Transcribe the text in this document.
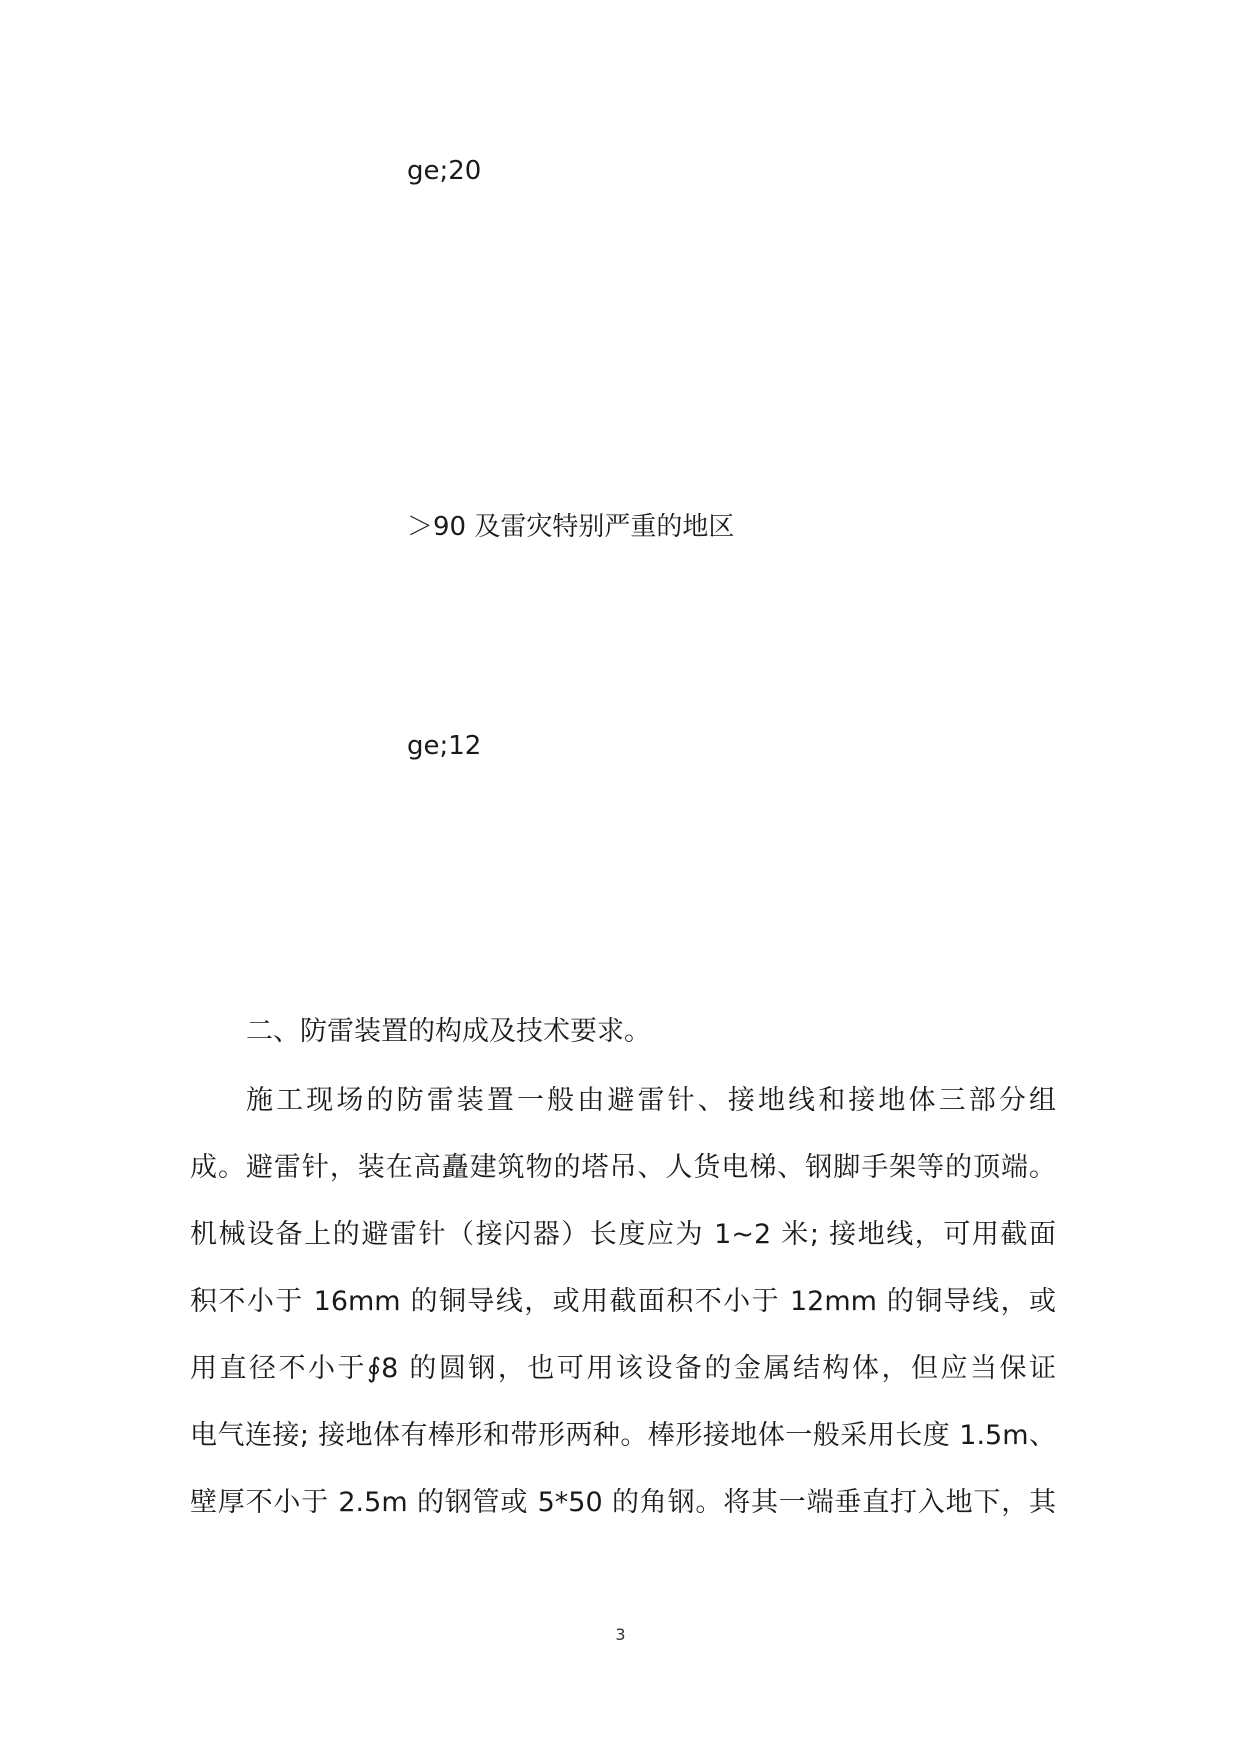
ge;20
＞90 及雷灾特别严重的地区
ge;12
二、防雷装置的构成及技术要求。
施工现场的防雷装置一般由避雷针、接地线和接地体三部分组
成。避雷针，装在高矗建筑物的塔吊、人货电梯、钢脚手架等的顶端。
机械设备上的避雷针（接闪器）长度应为 1~2 米; 接地线，可用截面
积不小于 16mm 的铜导线，或用截面积不小于 12mm 的铜导线，或
用直径不小于∮8 的圆钢，也可用该设备的金属结构体，但应当保证
电气连接; 接地体有棒形和带形两种。棒形接地体一般采用长度 1.5m、
壁厚不小于 2.5m 的钢管或 5*50 的角钢。将其一端垂直打入地下，其
3
